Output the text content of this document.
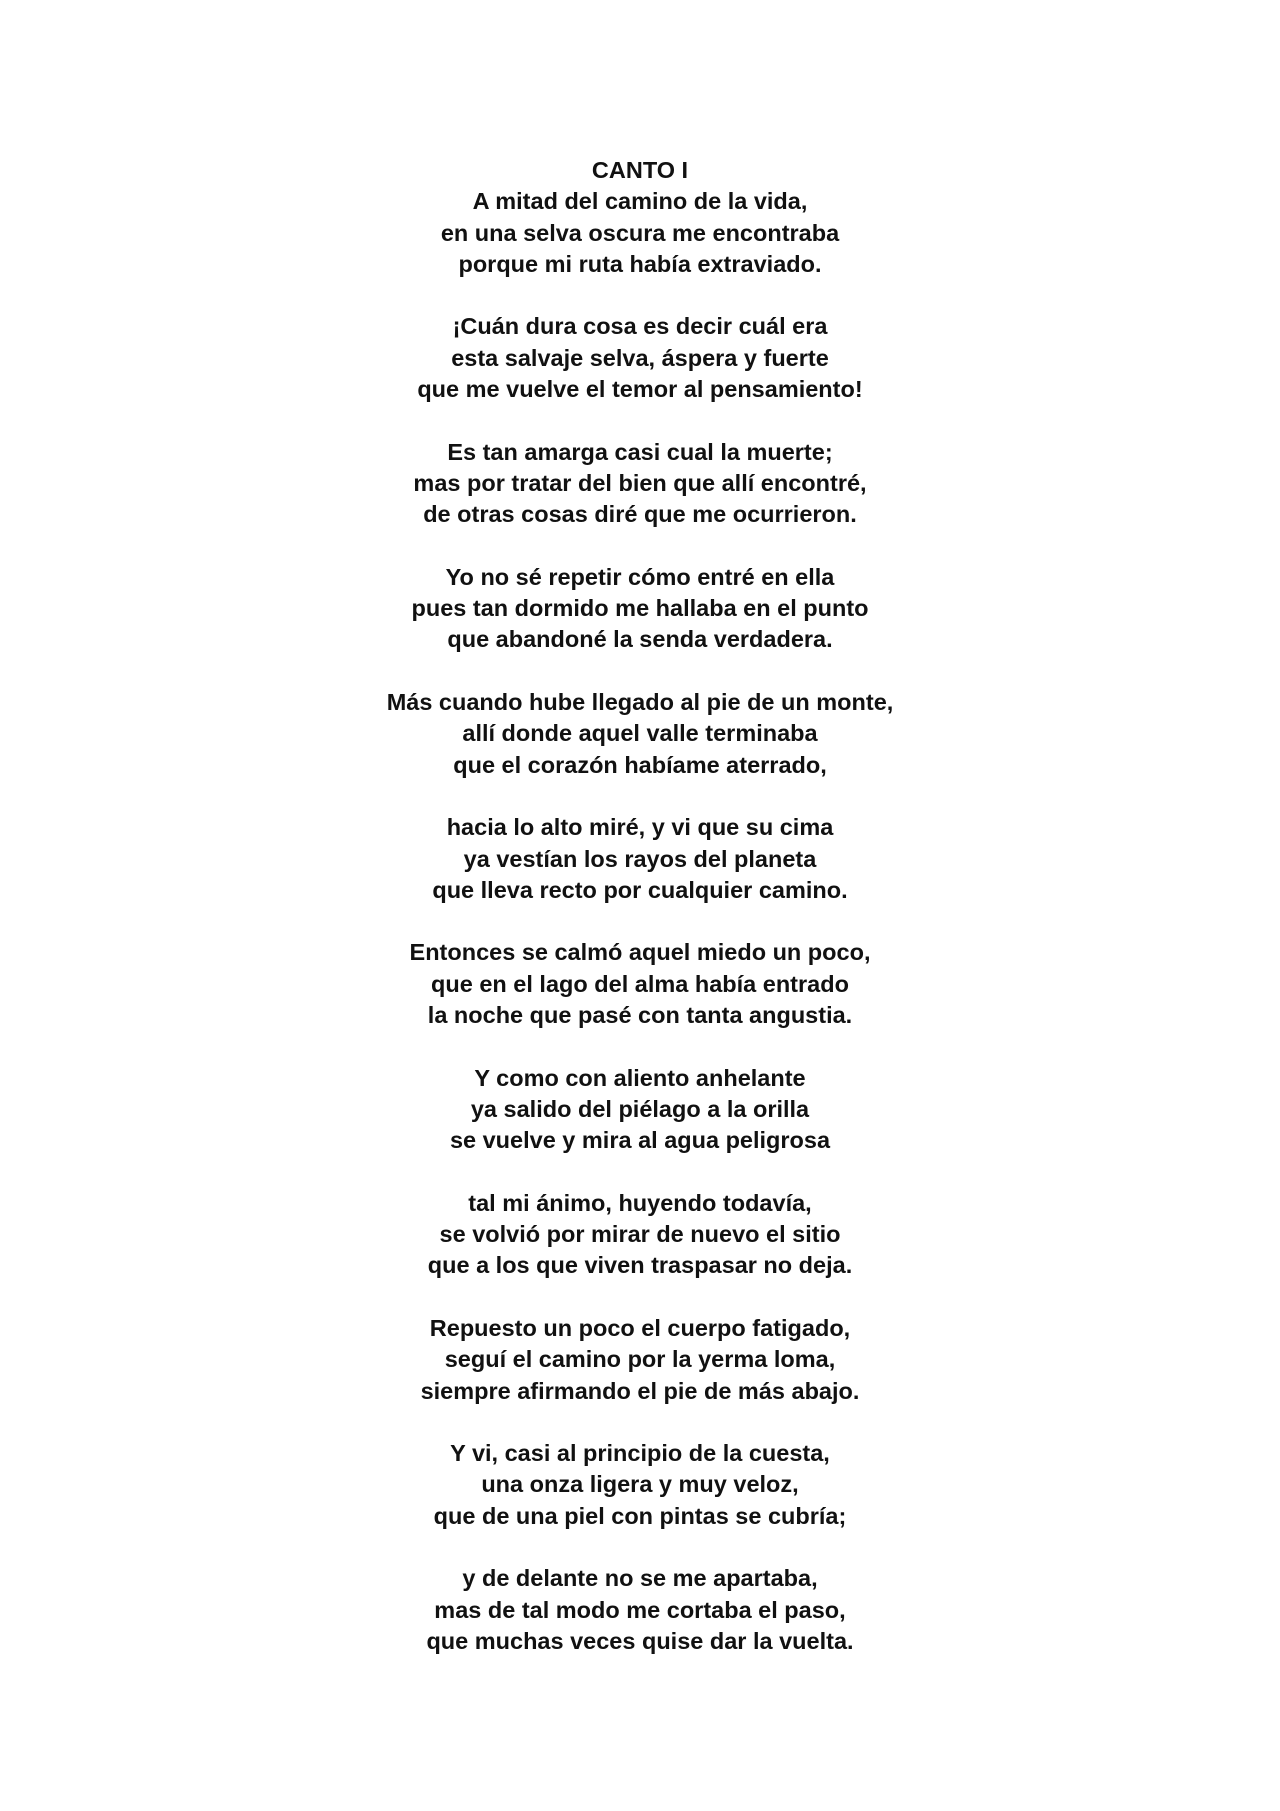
CANTO I
A mitad del camino de la vida,
en una selva oscura me encontraba
porque mi ruta había extraviado.
¡Cuán dura cosa es decir cuál era
esta salvaje selva, áspera y fuerte
que me vuelve el temor al pensamiento!
Es tan amarga casi cual la muerte;
mas por tratar del bien que allí encontré,
de otras cosas diré que me ocurrieron.
Yo no sé repetir cómo entré en ella
pues tan dormido me hallaba en el punto
que abandoné la senda verdadera.
Más cuando hube llegado al pie de un monte,
allí donde aquel valle terminaba
que el corazón habíame aterrado,
hacia lo alto miré, y vi que su cima
ya vestían los rayos del planeta
que lleva recto por cualquier camino.
Entonces se calmó aquel miedo un poco,
que en el lago del alma había entrado
la noche que pasé con tanta angustia.
Y como con aliento anhelante
ya salido del piélago a la orilla
se vuelve y mira al agua peligrosa
tal mi ánimo, huyendo todavía,
se volvió por mirar de nuevo el sitio
que a los que viven traspasar no deja.
Repuesto un poco el cuerpo fatigado,
seguí el camino por la yerma loma,
siempre afirmando el pie de más abajo.
Y vi, casi al principio de la cuesta,
una onza ligera y muy veloz,
que de una piel con pintas se cubría;
y de delante no se me apartaba,
mas de tal modo me cortaba el paso,
que muchas veces quise dar la vuelta.
